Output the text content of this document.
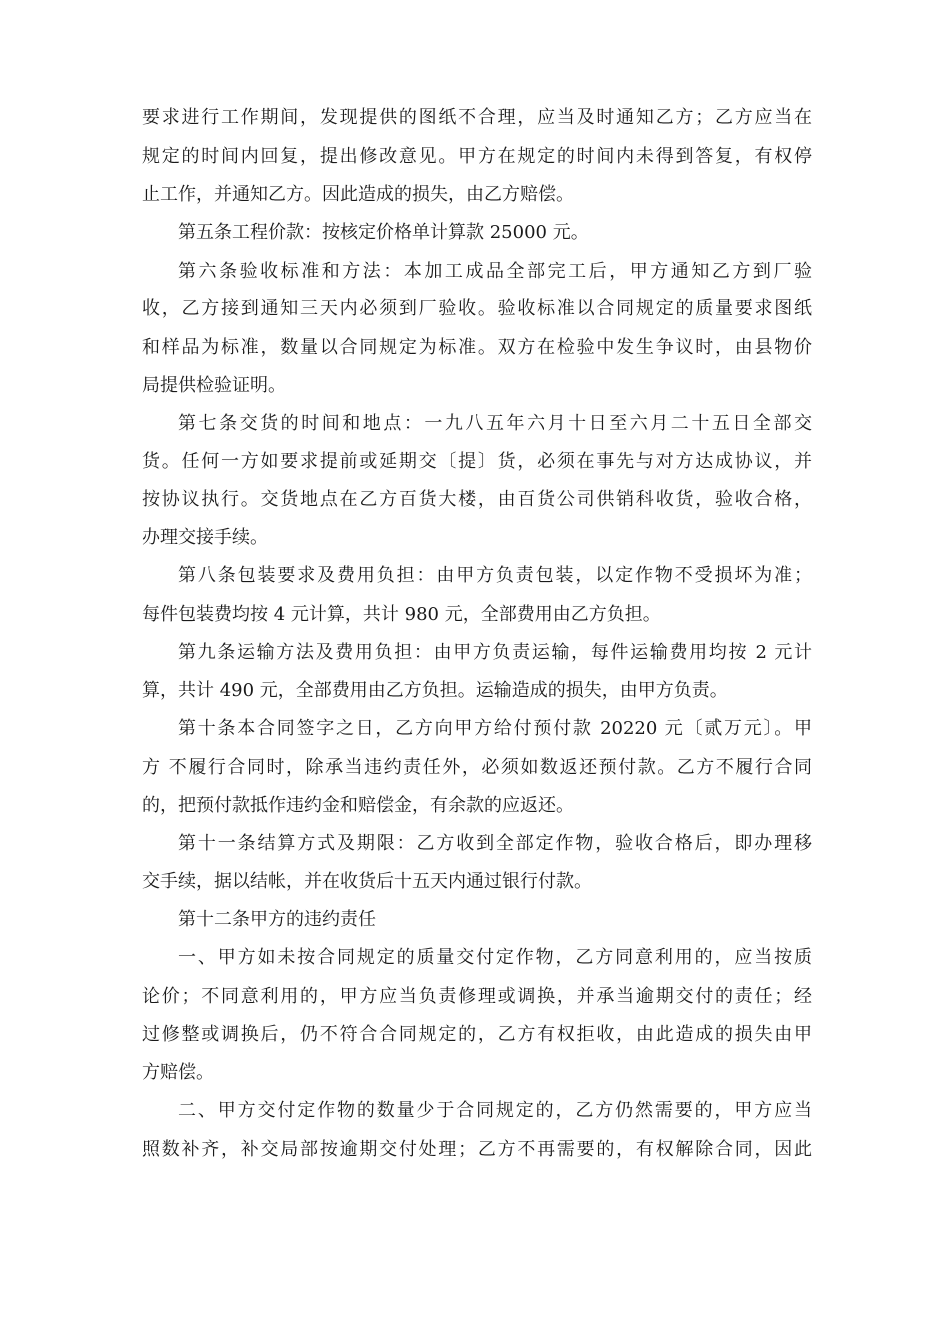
要求进行工作期间，发现提供的图纸不合理，应当及时通知乙方；乙方应当在
规定的时间内回复，提出修改意见。甲方在规定的时间内未得到答复，有权停
止工作，并通知乙方。因此造成的损失，由乙方赔偿。
第五条工程价款：按核定价格单计算款 25000 元。
第六条验收标准和方法：本加工成品全部完工后，甲方通知乙方到厂验
收，乙方接到通知三天内必须到厂验收。验收标准以合同规定的质量要求图纸
和样品为标准，数量以合同规定为标准。双方在检验中发生争议时，由县物价
局提供检验证明。
第七条交货的时间和地点：一九八五年六月十日至六月二十五日全部交
货。任何一方如要求提前或延期交〔提〕货，必须在事先与对方达成协议，并
按协议执行。交货地点在乙方百货大楼，由百货公司供销科收货，验收合格，
办理交接手续。
第八条包装要求及费用负担：由甲方负责包装，以定作物不受损坏为准；
每件包装费均按 4 元计算，共计 980 元，全部费用由乙方负担。
第九条运输方法及费用负担：由甲方负责运输，每件运输费用均按 2 元计
算，共计 490 元，全部费用由乙方负担。运输造成的损失，由甲方负责。
第十条本合同签字之日，乙方向甲方给付预付款 20220 元〔贰万元〕。甲
方 不履行合同时，除承当违约责任外，必须如数返还预付款。乙方不履行合同
的，把预付款抵作违约金和赔偿金，有余款的应返还。
第十一条结算方式及期限：乙方收到全部定作物，验收合格后，即办理移
交手续，据以结帐，并在收货后十五天内通过银行付款。
第十二条甲方的违约责任
一、甲方如未按合同规定的质量交付定作物，乙方同意利用的，应当按质
论价；不同意利用的，甲方应当负责修理或调换，并承当逾期交付的责任；经
过修整或调换后，仍不符合合同规定的，乙方有权拒收，由此造成的损失由甲
方赔偿。
二、甲方交付定作物的数量少于合同规定的，乙方仍然需要的，甲方应当
照数补齐，补交局部按逾期交付处理；乙方不再需要的，有权解除合同，因此
